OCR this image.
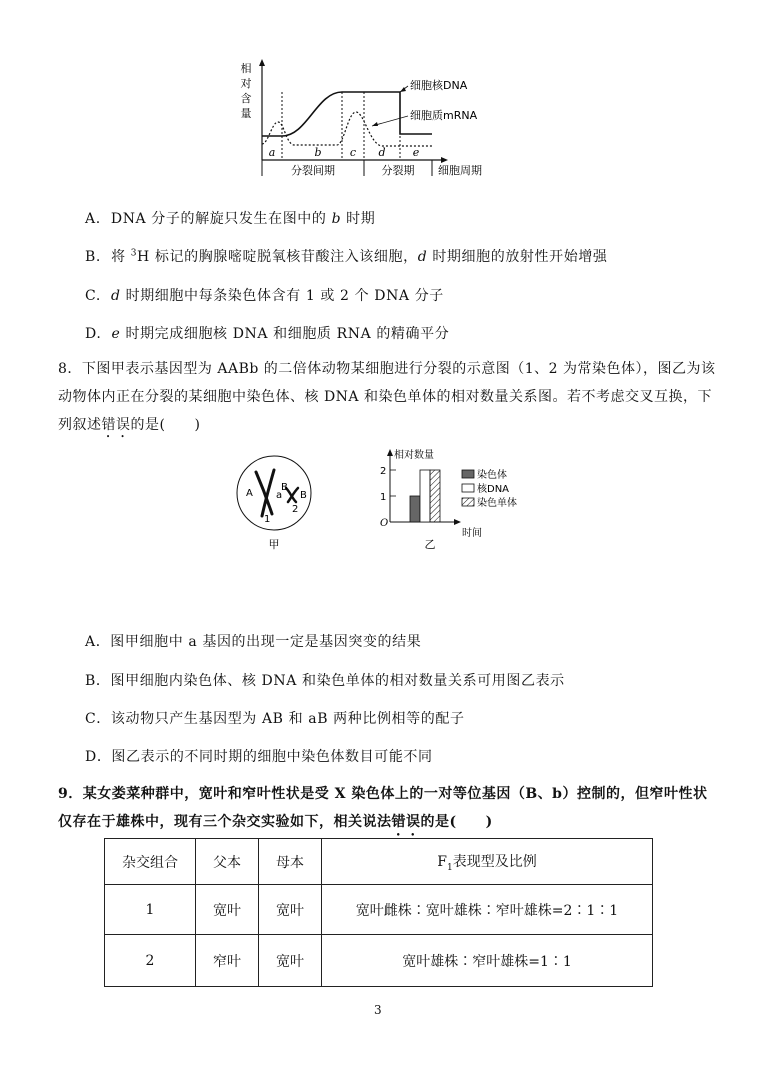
相
对
含
量
a	b	c d e
细胞核DNA
细胞质mRNA
分裂间期	分裂期 细胞周期
A. DNA 分子的解旋只发生在图中的 b 时期
B. 将 $^3$H 标记的胸腺嘧啶脱氧核苷酸注入该细胞，d 时期细胞的放射性开始增强
C. d 时期细胞中每条染色体含有 1 或 2 个 DNA 分子
D. e 时期完成细胞核 DNA 和细胞质 RNA 的精确平分
8．下图甲表示基因型为 AABb 的二倍体动物某细胞进行分裂的示意图（1、2 为常染色体），图乙为该动物体内正在分裂的某细胞中染色体、核 DNA 和染色单体的相对数量关系图。若不考虑交叉互换，下列叙述错误的是(　　)
A a
B
B
1
2
甲
相对数量
时间
2
1
O
染色体
核DNA
染色单体
乙
A．图甲细胞中 a 基因的出现一定是基因突变的结果
B．图甲细胞内染色体、核 DNA 和染色单体的相对数量关系可用图乙表示
C．该动物只产生基因型为 AB 和 aB 两种比例相等的配子
D．图乙表示的不同时期的细胞中染色体数目可能不同
9．某女娄菜种群中，宽叶和窄叶性状是受 X 染色体上的一对等位基因（B、b）控制的，但窄叶性状仅存在于雄株中，现有三个杂交实验如下，相关说法错误的是(　　)
杂交组合	父本	母本	$F_1$表现型及比例
1	宽叶	宽叶	宽叶雌株∶宽叶雄株∶窄叶雄株=2∶1∶1
2	窄叶	宽叶	宽叶雄株∶窄叶雄株=1∶1
3
